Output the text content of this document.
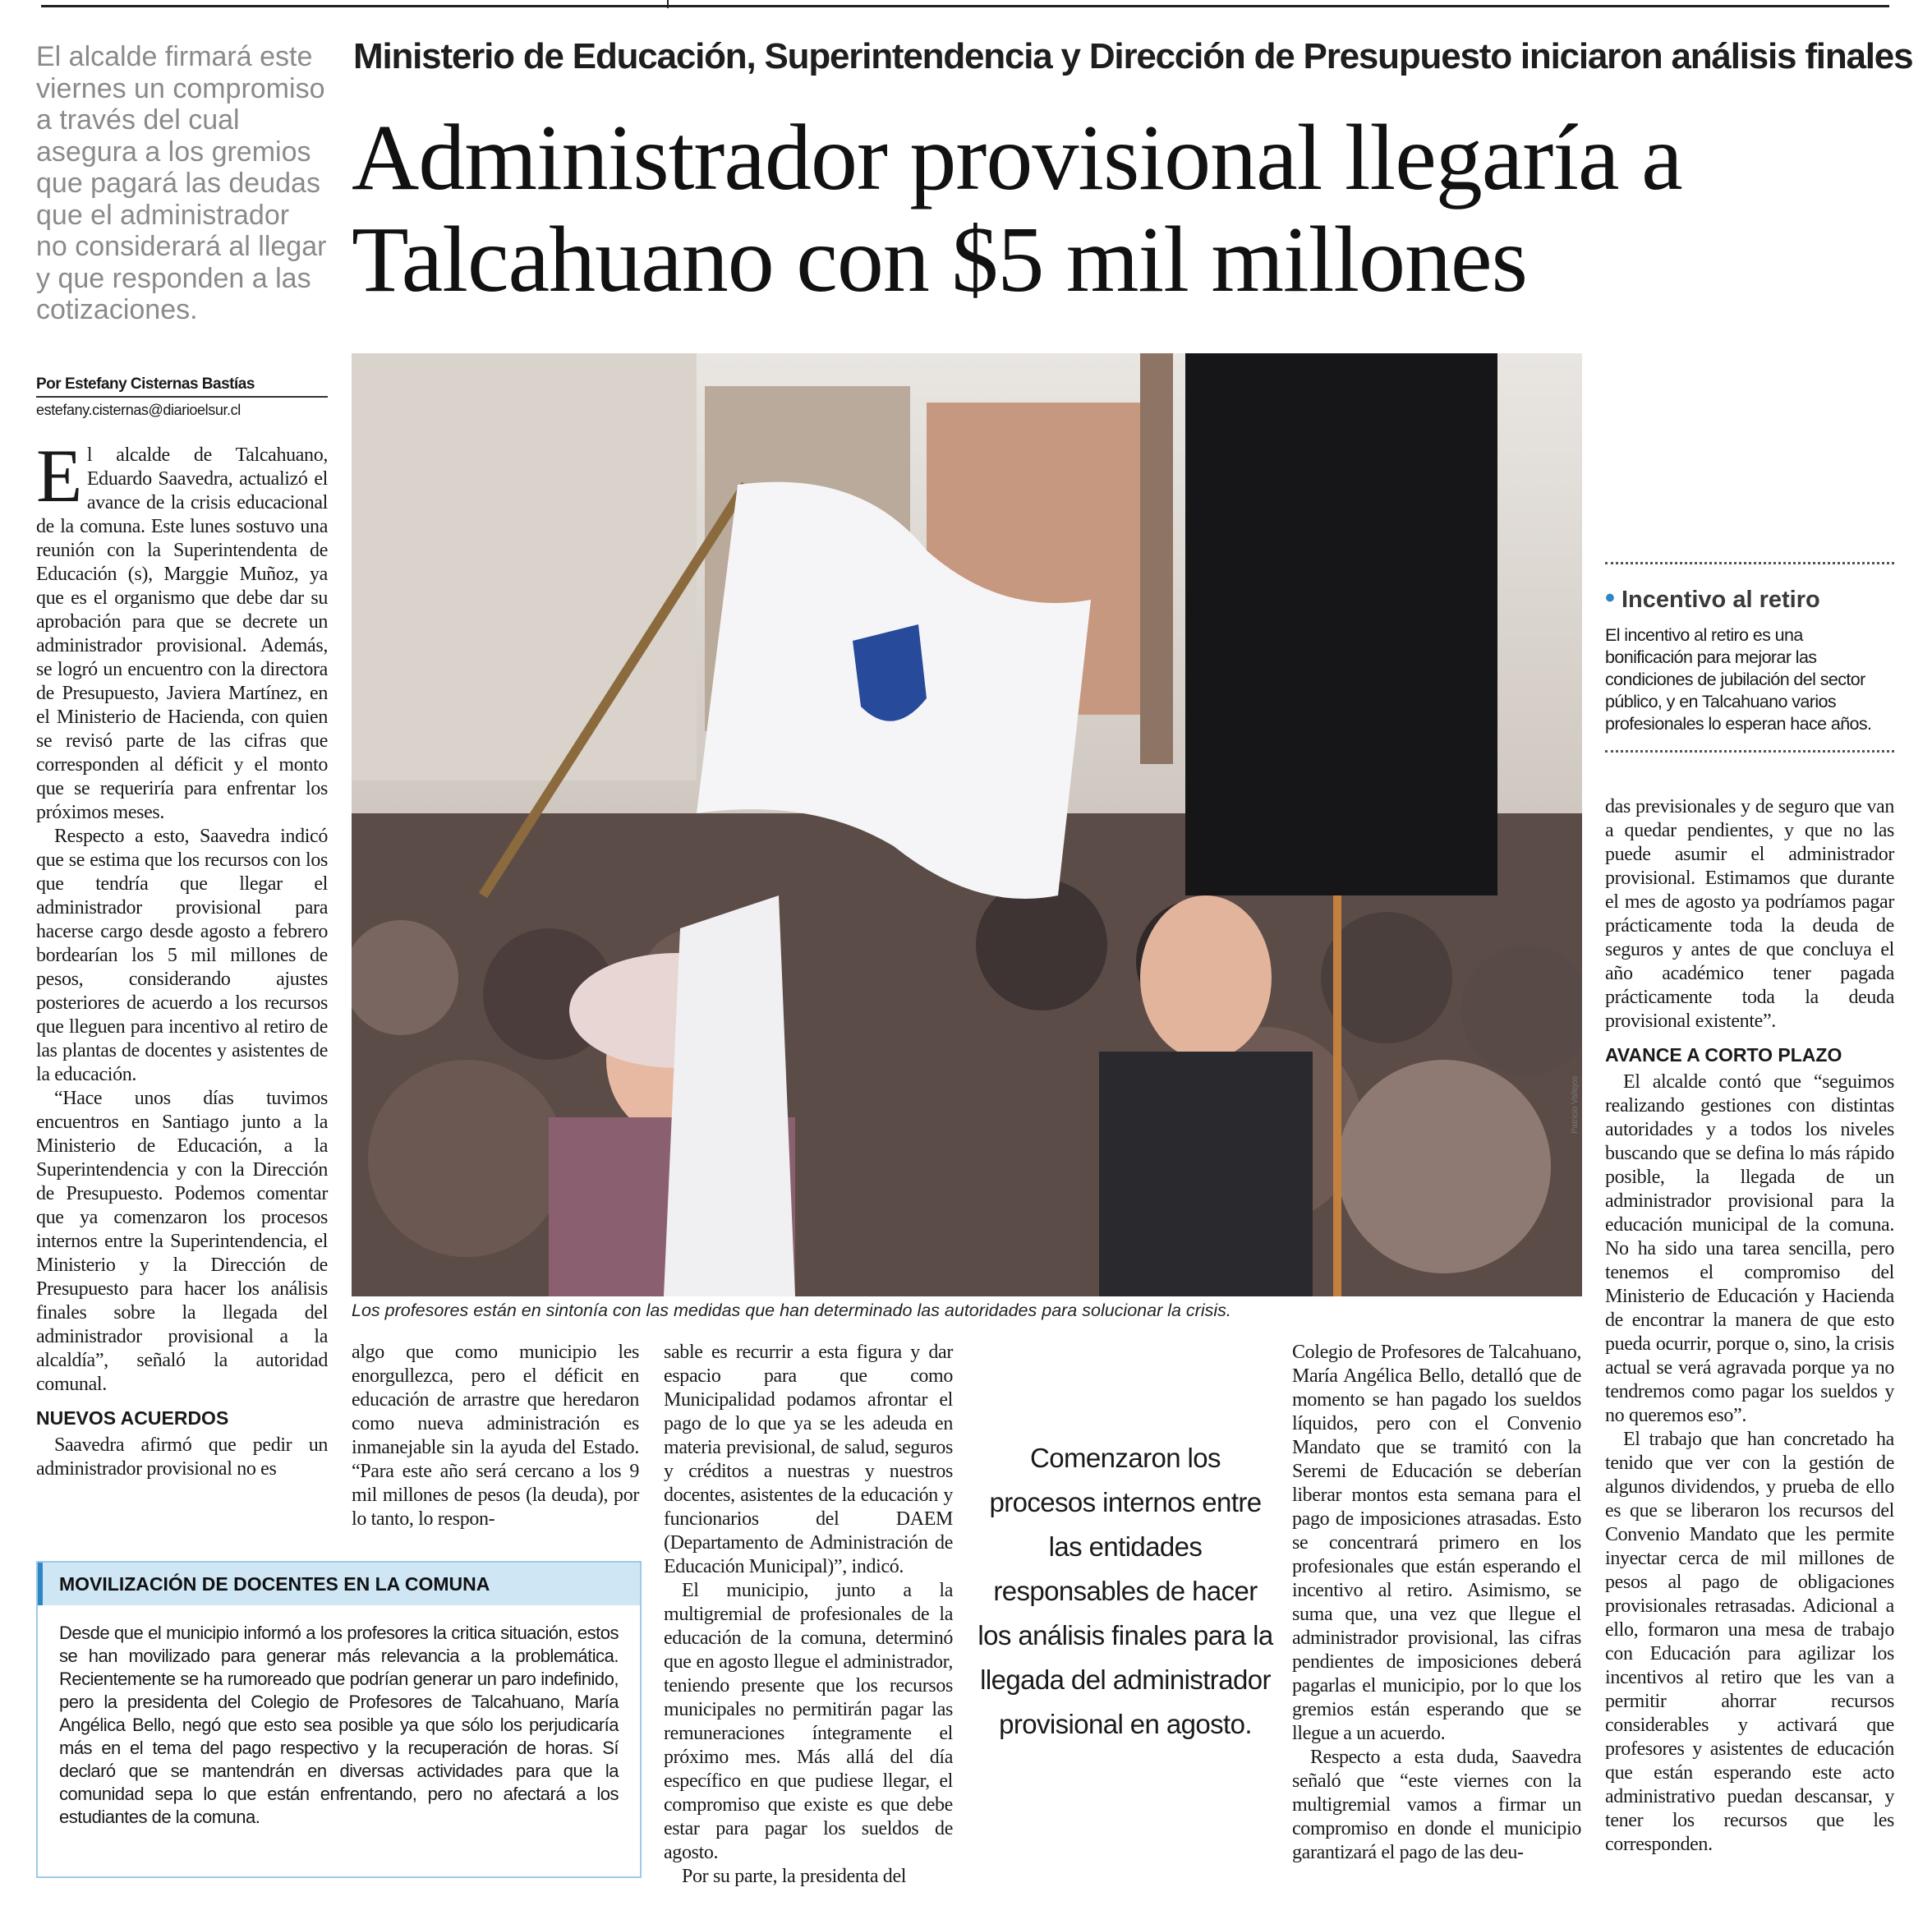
El alcalde firmará este viernes un compromiso a través del cual asegura a los gremios que pagará las deudas que el administrador no considerará al llegar y que responden a las cotizaciones.
Por Estefany Cisternas Bastías
estefany.cisternas@diarioelsur.cl
Ministerio de Educación, Superintendencia y Dirección de Presupuesto iniciaron análisis finales
Administrador provisional llegaría a
Talcahuano con $5 mil millones
Patricio Vallejos
Los profesores están en sintonía con las medidas que han determinado las autoridades para solucionar la crisis.

E l alcalde de Talcahuano, Eduardo Saavedra, actualizó el avance de la crisis educacional de la comuna. Este lunes sostuvo una reunión con la Superintendenta de Educación (s), Marggie Muñoz, ya que es el organismo que debe dar su aprobación para que se decrete un administrador provisional. Además, se logró un encuentro con la directora de Presupuesto, Javiera Martínez, en el Ministerio de Hacienda, con quien se revisó parte de las cifras que corresponden al déficit y el monto que se requeriría para enfrentar los próximos meses.

Respecto a esto, Saavedra indicó que se estima que los recursos con los que tendría que llegar el administrador provisional para hacerse cargo desde agosto a febrero bordearían los 5 mil millones de pesos, considerando ajustes posteriores de acuerdo a los recursos que lleguen para incentivo al retiro de las plantas de docentes y asistentes de la educación.

“Hace unos días tuvimos encuentros en Santiago junto a la Ministerio de Educación, a la Superintendencia y con la Dirección de Presupuesto. Podemos comentar que ya comenzaron los procesos internos entre la Superintendencia, el Ministerio y la Dirección de Presupuesto para hacer los análisis finales sobre la llegada del administrador provisional a la alcaldía”, señaló la autoridad comunal.

NUEVOS ACUERDOS

Saavedra afirmó que pedir un administrador provisional no es

algo que como municipio les enorgullezca, pero el déficit en educación de arrastre que heredaron como nueva administración es inmanejable sin la ayuda del Estado. “Para este año será cercano a los 9 mil millones de pesos (la deuda), por lo tanto, lo respon-

sable es recurrir a esta figura y dar espacio para que como Municipalidad podamos afrontar el pago de lo que ya se les adeuda en materia previsional, de salud, seguros y créditos a nuestras y nuestros docentes, asistentes de la educación y funcionarios del DAEM (Departamento de Administración de Educación Municipal)”, indicó.

El municipio, junto a la multigremial de profesionales de la educación de la comuna, determinó que en agosto llegue el administrador, teniendo presente que los recursos municipales no permitirán pagar las remuneraciones íntegramente el próximo mes. Más allá del día específico en que pudiese llegar, el compromiso que existe es que debe estar para pagar los sueldos de agosto.

Por su parte, la presidenta del

Comenzaron los procesos internos entre las entidades responsables de hacer los análisis finales para la llegada del administrador provisional en agosto.

Colegio de Profesores de Talcahuano, María Angélica Bello, detalló que de momento se han pagado los sueldos líquidos, pero con el Convenio Mandato que se tramitó con la Seremi de Educación se deberían liberar montos esta semana para el pago de imposiciones atrasadas. Esto se concentrará primero en los profesionales que están esperando el incentivo al retiro. Asimismo, se suma que, una vez que llegue el administrador provisional, las cifras pendientes de imposiciones deberá pagarlas el municipio, por lo que los gremios están esperando que se llegue a un acuerdo.

Respecto a esta duda, Saavedra señaló que “este viernes con la multigremial vamos a firmar un compromiso en donde el municipio garantizará el pago de las deu-

• Incentivo al retiro
El incentivo al retiro es una bonificación para mejorar las condiciones de jubilación del sector público, y en Talcahuano varios profesionales lo esperan hace años.

das previsionales y de seguro que van a quedar pendientes, y que no las puede asumir el administrador provisional. Estimamos que durante el mes de agosto ya podríamos pagar prácticamente toda la deuda de seguros y antes de que concluya el año académico tener pagada prácticamente toda la deuda provisional existente”.

AVANCE A CORTO PLAZO

El alcalde contó que “seguimos realizando gestiones con distintas autoridades y a todos los niveles buscando que se defina lo más rápido posible, la llegada de un administrador provisional para la educación municipal de la comuna. No ha sido una tarea sencilla, pero tenemos el compromiso del Ministerio de Educación y Hacienda de encontrar la manera de que esto pueda ocurrir, porque o, sino, la crisis actual se verá agravada porque ya no tendremos como pagar los sueldos y no queremos eso”.

El trabajo que han concretado ha tenido que ver con la gestión de algunos dividendos, y prueba de ello es que se liberaron los recursos del Convenio Mandato que les permite inyectar cerca de mil millones de pesos al pago de obligaciones provisionales retrasadas. Adicional a ello, formaron una mesa de trabajo con Educación para agilizar los incentivos al retiro que les van a permitir ahorrar recursos considerables y activará que profesores y asistentes de educación que están esperando este acto administrativo puedan descansar, y tener los recursos que les corresponden.

MOVILIZACIÓN DE DOCENTES EN LA COMUNA
Desde que el municipio informó a los profesores la critica situación, estos se han movilizado para generar más relevancia a la problemática. Recientemente se ha rumoreado que podrían generar un paro indefinido, pero la presidenta del Colegio de Profesores de Talcahuano, María Angélica Bello, negó que esto sea posible ya que sólo los perjudicaría más en el tema del pago respectivo y la recuperación de horas. Sí declaró que se mantendrán en diversas actividades para que la comunidad sepa lo que están enfrentando, pero no afectará a los estudiantes de la comuna.
